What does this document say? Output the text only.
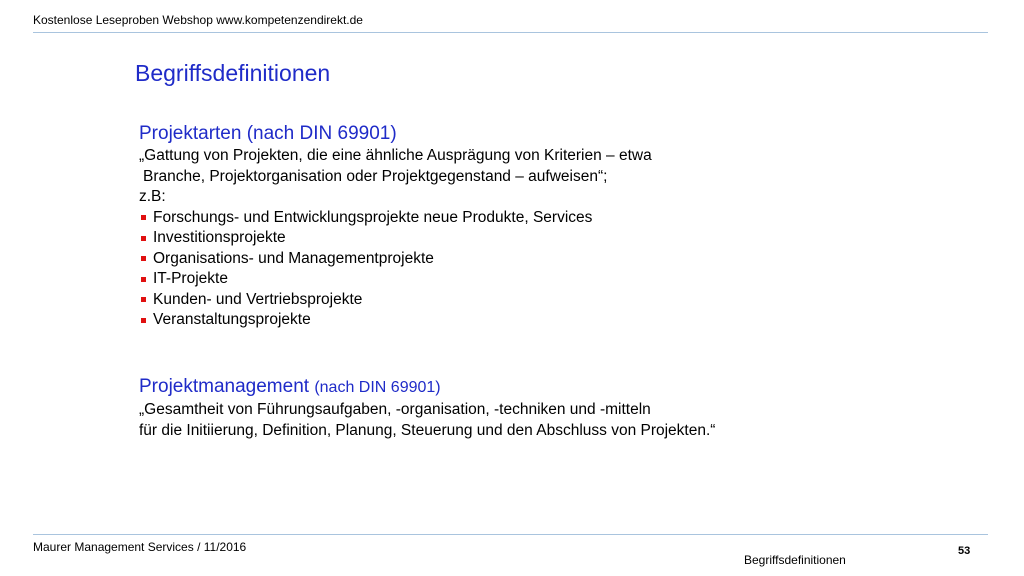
Kostenlose Leseproben Webshop www.kompetenzendirekt.de
Begriffsdefinitionen
Projektarten (nach DIN 69901)
„Gattung von Projekten, die eine ähnliche Ausprägung von Kriterien – etwa
Branche, Projektorganisation oder Projektgegenstand – aufweisen“;
z.B:
Forschungs- und Entwicklungsprojekte neue Produkte, Services
Investitionsprojekte
Organisations- und Managementprojekte
IT-Projekte
Kunden- und Vertriebsprojekte
Veranstaltungsprojekte
Projektmanagement (nach DIN 69901)
„Gesamtheit von Führungsaufgaben, -organisation, -techniken und -mitteln
für die Initiierung, Definition, Planung, Steuerung und den Abschluss von Projekten.“
Maurer Management Services / 11/2016	53
Begriffsdefinitionen
